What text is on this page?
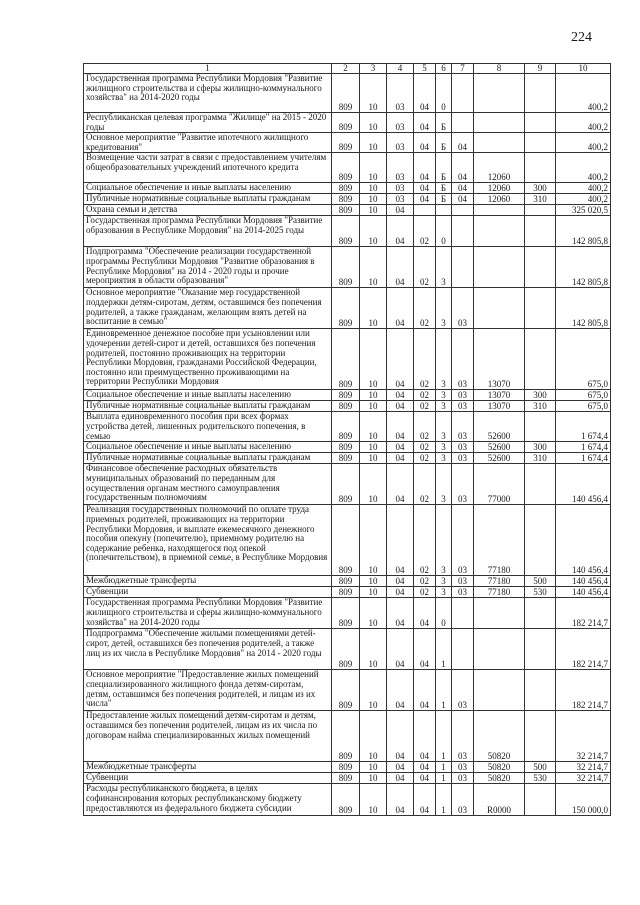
224
1	2	3	4	5	6	7	8	9	10
Государственная программа Республики Мордовия "Развитие жилищного строительства и сферы жилищно-коммунального хозяйства" на 2014-2020 годы	809	10	03	04	0				400,2
Республиканская целевая программа "Жилище" на 2015 - 2020 годы	809	10	03	04	Б				400,2
Основное мероприятие "Развитие ипотечного жилищного кредитования"	809	10	03	04	Б	04			400,2
Возмещение части затрат в связи с предоставлением учителям общеобразовательных учреждений ипотечного кредита	809	10	03	04	Б	04	12060		400,2
Социальное обеспечение и иные выплаты населению	809	10	03	04	Б	04	12060	300	400,2
Публичные нормативные социальные выплаты гражданам	809	10	03	04	Б	04	12060	310	400,2
Охрана семьи и детства	809	10	04						325 020,5
Государственная программа Республики Мордовия "Развитие образования в Республике Мордовия" на 2014-2025 годы	809	10	04	02	0				142 805,8
Подпрограмма "Обеспечение реализации государственной программы Республики Мордовия "Развитие образования в Республике Мордовия" на 2014 - 2020 годы и прочие мероприятия в области образования"	809	10	04	02	3				142 805,8
Основное мероприятие "Оказание мер государственной поддержки детям-сиротам, детям, оставшимся без попечения родителей, а также гражданам, желающим взять детей на воспитание в семью"	809	10	04	02	3	03			142 805,8
Единовременное денежное пособие при усыновлении или удочерении детей-сирот и детей, оставшихся без попечения родителей, постоянно проживающих на территории Республики Мордовия, гражданами Российской Федерации, постоянно или преимущественно проживающими на территории Республики Мордовия	809	10	04	02	3	03	13070		675,0
Социальное обеспечение и иные выплаты населению	809	10	04	02	3	03	13070	300	675,0
Публичные нормативные социальные выплаты гражданам	809	10	04	02	3	03	13070	310	675,0
Выплата единовременного пособия при всех формах устройства детей, лишенных родительского попечения, в семью	809	10	04	02	3	03	52600		1 674,4
Социальное обеспечение и иные выплаты населению	809	10	04	02	3	03	52600	300	1 674,4
Публичные нормативные социальные выплаты гражданам	809	10	04	02	3	03	52600	310	1 674,4
Финансовое обеспечение расходных обязательств муниципальных образований по переданным для осуществления органам местного самоуправления государственным полномочиям	809	10	04	02	3	03	77000		140 456,4
Реализация государственных полномочий по оплате труда приемных родителей, проживающих на территории Республики Мордовия, и выплате ежемесячного денежного пособия опекуну (попечителю), приемному родителю на содержание ребенка, находящегося под опекой (попечительством), в приемной семье, в Республике Мордовия	809	10	04	02	3	03	77180		140 456,4
Межбюджетные трансферты	809	10	04	02	3	03	77180	500	140 456,4
Субвенции	809	10	04	02	3	03	77180	530	140 456,4
Государственная программа Республики Мордовия "Развитие жилищного строительства и сферы жилищно-коммунального хозяйства" на 2014-2020 годы	809	10	04	04	0				182 214,7
Подпрограмма "Обеспечение жилыми помещениями детей-сирот, детей, оставшихся без попечения родителей, а также лиц из их числа в Республике Мордовия" на 2014 - 2020 годы	809	10	04	04	1				182 214,7
Основное мероприятие "Предоставление жилых помещений специализированного жилищного фонда детям-сиротам, детям, оставшимся без попечения родителей, и лицам из их числа"	809	10	04	04	1	03			182 214,7
Предоставление жилых помещений детям-сиротам и детям, оставшимся без попечения родителей, лицам из их числа по договорам найма специализированных жилых помещений	809	10	04	04	1	03	50820		32 214,7
Межбюджетные трансферты	809	10	04	04	1	03	50820	500	32 214,7
Субвенции	809	10	04	04	1	03	50820	530	32 214,7
Расходы республиканского бюджета, в целях софинансирования которых республиканскому бюджету предоставляются из федерального бюджета субсидии	809	10	04	04	1	03	R0000		150 000,0
